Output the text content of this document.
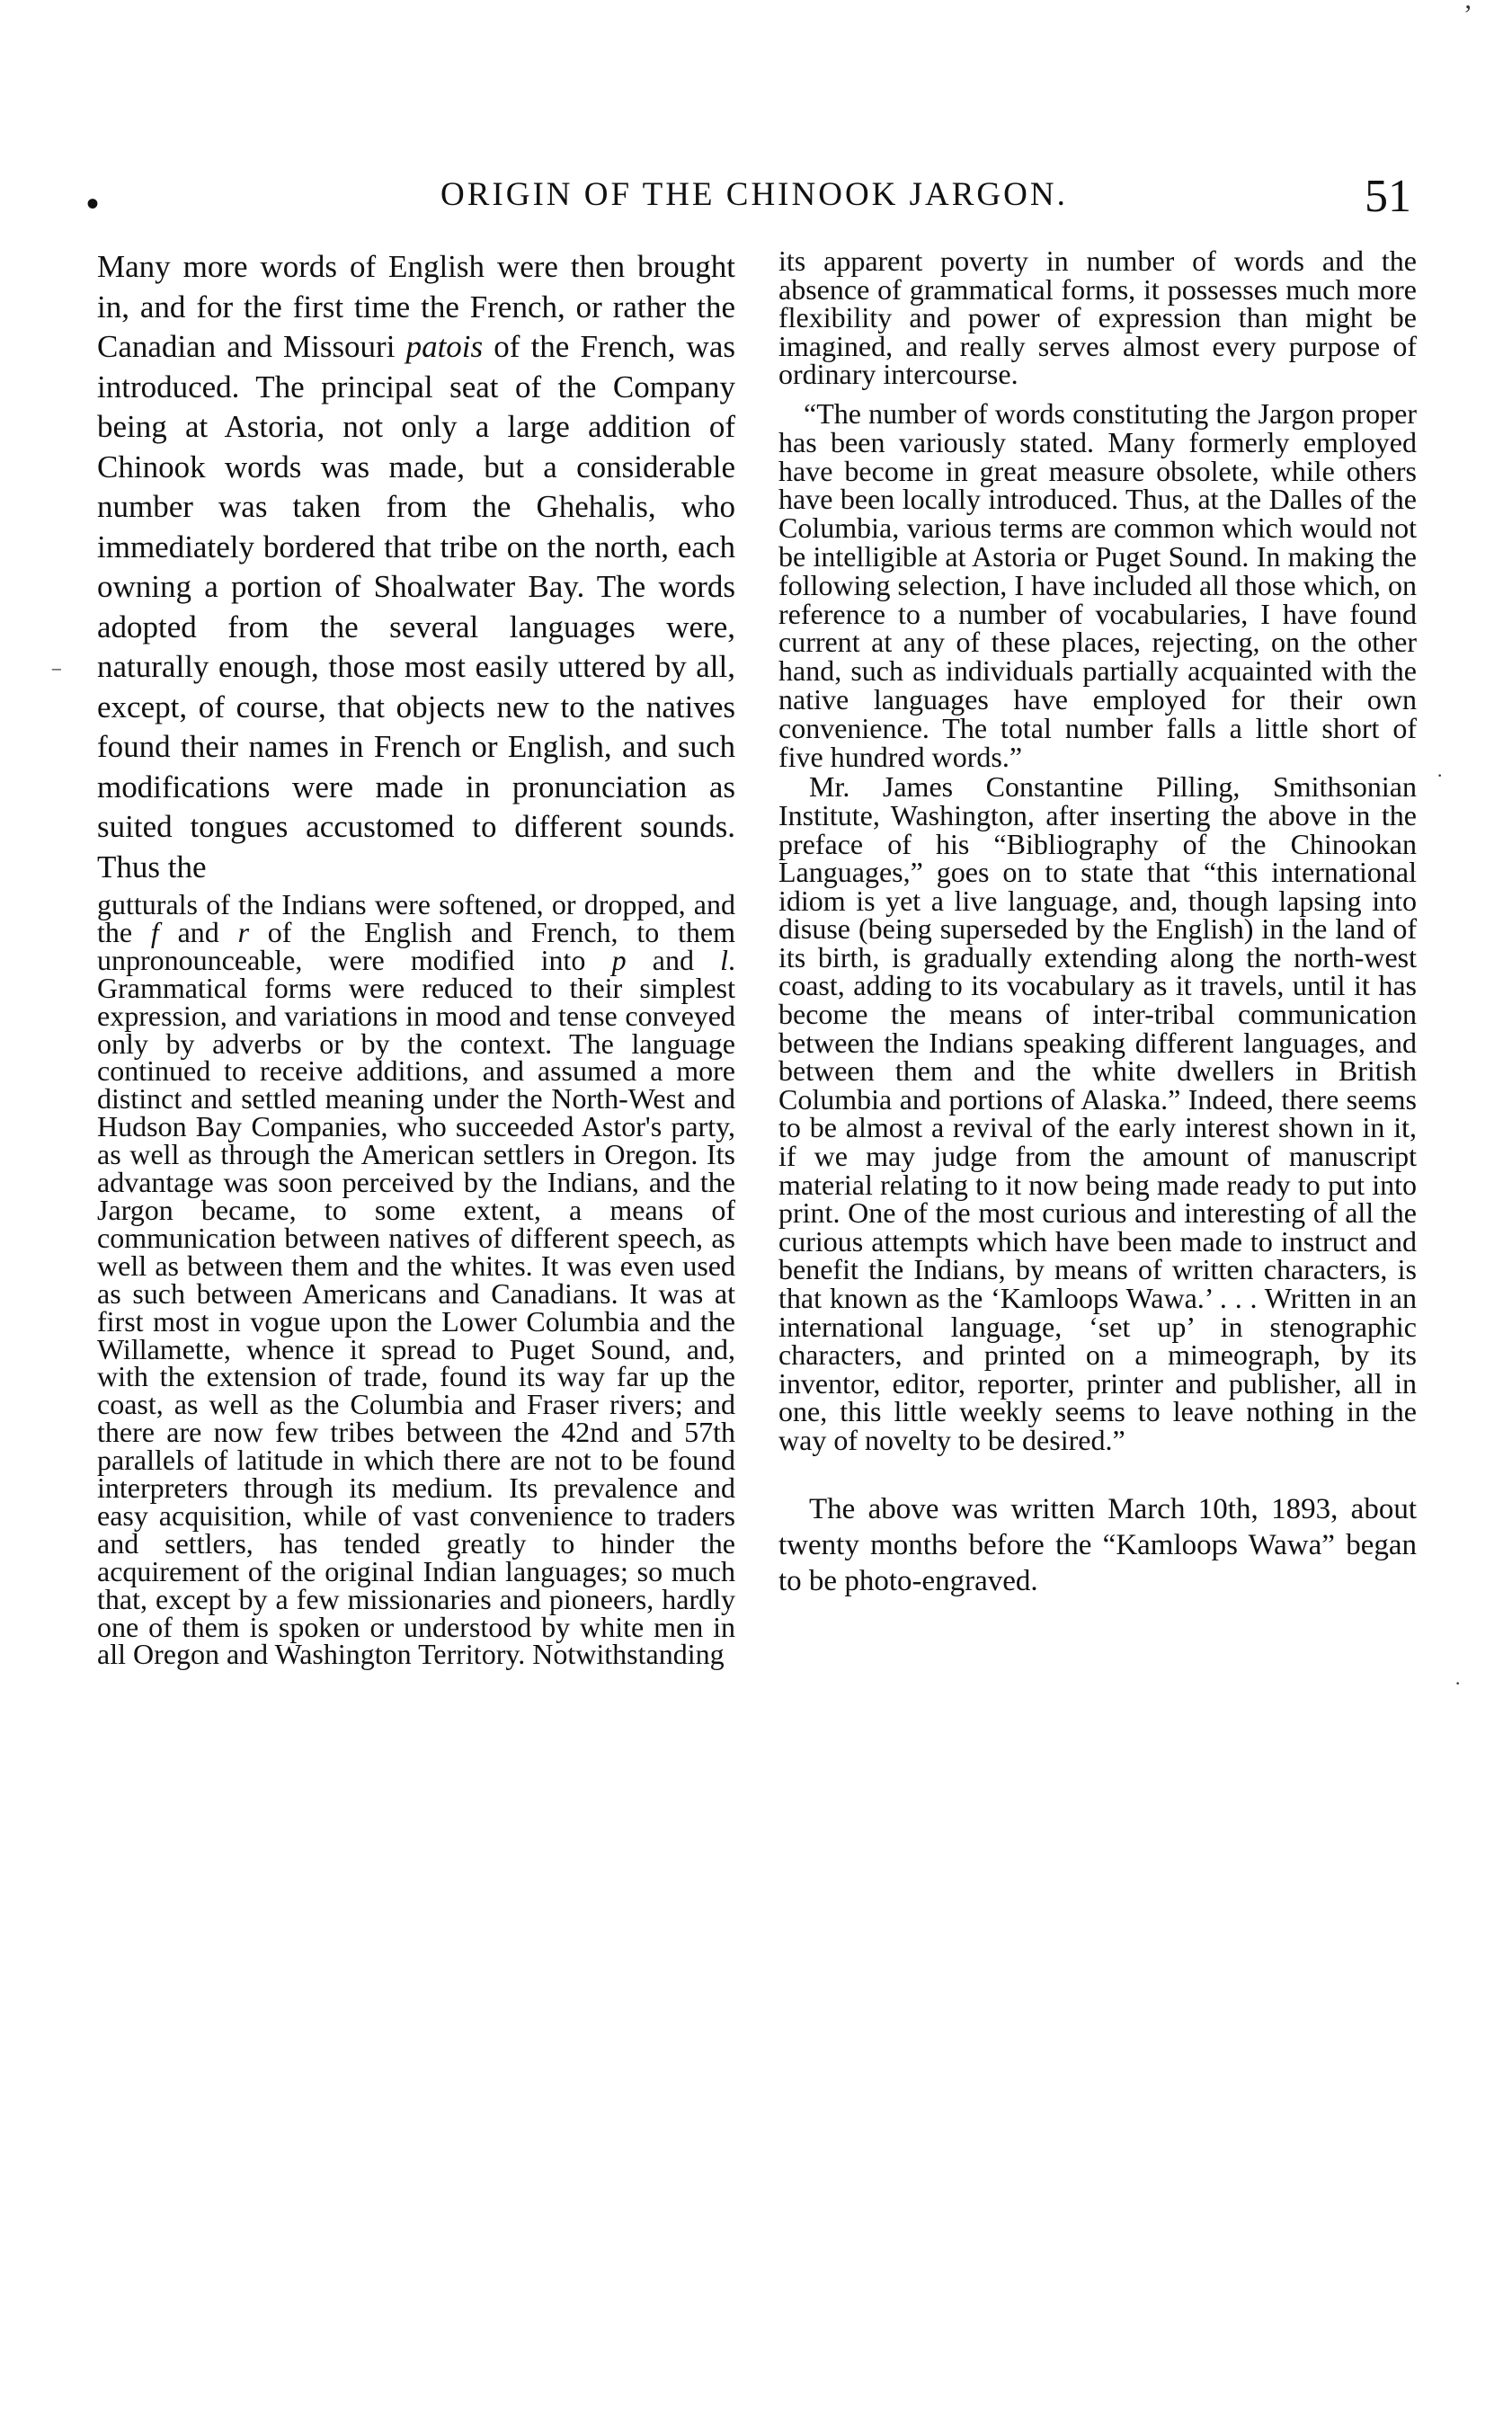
•	ORIGIN OF THE CHINOOK JARGON.	51

Many more words of English were then brought in, and for the first time the French, or rather the Canadian and Missouri patois of the French, was introduced. The principal seat of the Company being at Astoria, not only a large addition of Chinook words was made, but a considerable number was taken from the Ghehalis, who immediately bordered that tribe on the north, each owning a portion of Shoalwater Bay. The words adopted from the several languages were, naturally enough, those most easily uttered by all, except, of course, that objects new to the natives found their names in French or English, and such modifications were made in pronunciation as suited tongues accustomed to different sounds. Thus the

gutturals of the Indians were softened, or dropped, and the f and r of the English and French, to them unpronounceable, were modified into p and l. Grammatical forms were reduced to their simplest expression, and variations in mood and tense conveyed only by adverbs or by the context. The language continued to receive additions, and assumed a more distinct and settled meaning under the North-West and Hudson Bay Companies, who succeeded Astor's party, as well as through the American settlers in Oregon. Its advantage was soon perceived by the Indians, and the Jargon became, to some extent, a means of communication between natives of different speech, as well as between them and the whites. It was even used as such between Americans and Canadians. It was at first most in vogue upon the Lower Columbia and the Willamette, whence it spread to Puget Sound, and, with the extension of trade, found its way far up the coast, as well as the Columbia and Fraser rivers; and there are now few tribes between the 42nd and 57th parallels of latitude in which there are not to be found interpreters through its medium. Its prevalence and easy acquisition, while of vast convenience to traders and settlers, has tended greatly to hinder the acquirement of the original Indian languages; so much that, except by a few missionaries and pioneers, hardly one of them is spoken or understood by white men in all Oregon and Washington Territory. Notwithstanding

its apparent poverty in number of words and the absence of grammatical forms, it possesses much more flexibility and power of expression than might be imagined, and really serves almost every purpose of ordinary intercourse.

“The number of words constituting the Jargon proper has been variously stated. Many formerly employed have become in great measure obsolete, while others have been locally introduced. Thus, at the Dalles of the Columbia, various terms are common which would not be intelligible at Astoria or Puget Sound. In making the following selection, I have included all those which, on reference to a number of vocabularies, I have found current at any of these places, rejecting, on the other hand, such as individuals partially acquainted with the native languages have employed for their own convenience. The total number falls a little short of five hundred words.”

Mr. James Constantine Pilling, Smithsonian Institute, Washington, after inserting the above in the preface of his “Bibliography of the Chinookan Languages,” goes on to state that “this international idiom is yet a live language, and, though lapsing into disuse (being superseded by the English) in the land of its birth, is gradually extending along the north-west coast, adding to its vocabulary as it travels, until it has become the means of inter-tribal communication between the Indians speaking different languages, and between them and the white dwellers in British Columbia and portions of Alaska.” Indeed, there seems to be almost a revival of the early interest shown in it, if we may judge from the amount of manuscript material relating to it now being made ready to put into print. One of the most curious and interesting of all the curious attempts which have been made to instruct and benefit the Indians, by means of written characters, is that known as the ‘Kamloops Wawa.’ . . . Written in an international language, ‘set up’ in stenographic characters, and printed on a mimeograph, by its inventor, editor, reporter, printer and publisher, all in one, this little weekly seems to leave nothing in the way of novelty to be desired.”

The above was written March 10th, 1893, about twenty months before the “Kamloops Wawa” began to be photo-engraved.

ʼ
⁻
·
·
